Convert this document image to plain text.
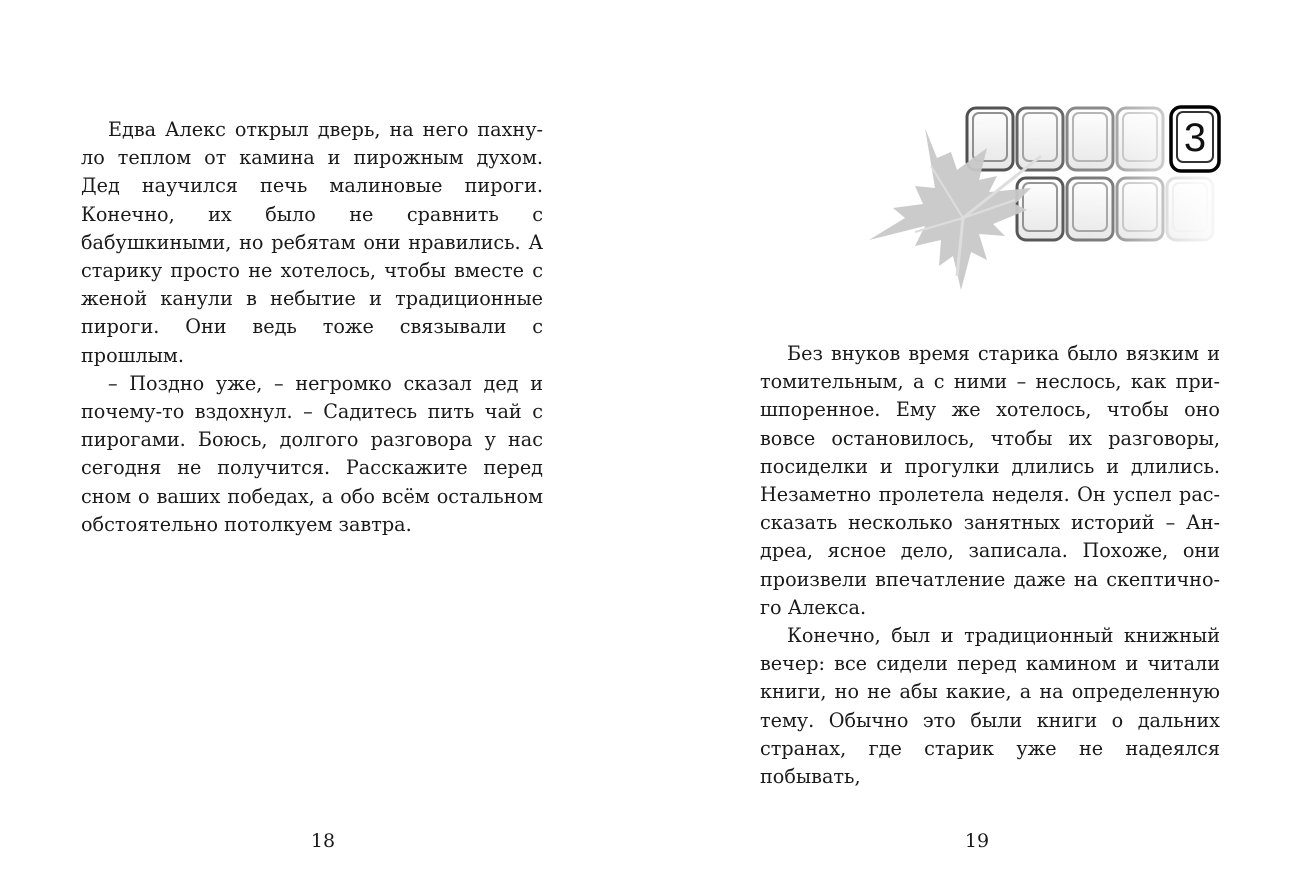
Едва Алекс открыл дверь, на него пахнуло теплом от камина и пирожным духом. Дед научился печь малиновые пироги. Конечно, их было не сравнить с бабушкиными, но ребятам они нравились. А старику просто не хотелось, чтобы вместе с женой канули в небытие и традиционные пироги. Они ведь тоже связывали с прошлым.

– Поздно уже, – негромко сказал дед и почему-то вздохнул. – Садитесь пить чай с пирогами. Боюсь, долгого разговора у нас сегодня не получится. Расскажите перед сном о ваших победах, а обо всём остальном обстоятельно потолкуем завтра.

18
3

Без внуков время старика было вязким и томительным, а с ними – неслось, как пришпоренное. Ему же хотелось, чтобы оно вовсе остановилось, чтобы их разговоры, посиделки и прогулки длились и длились. Незаметно пролетела неделя. Он успел рассказать несколько занятных историй – Андреа, ясное дело, записала. Похоже, они произвели впечатление даже на скептичного Алекса.

Конечно, был и традиционный книжный вечер: все сидели перед камином и читали книги, но не абы какие, а на определенную тему. Обычно это были книги о дальних странах, где старик уже не надеялся побывать,

19
